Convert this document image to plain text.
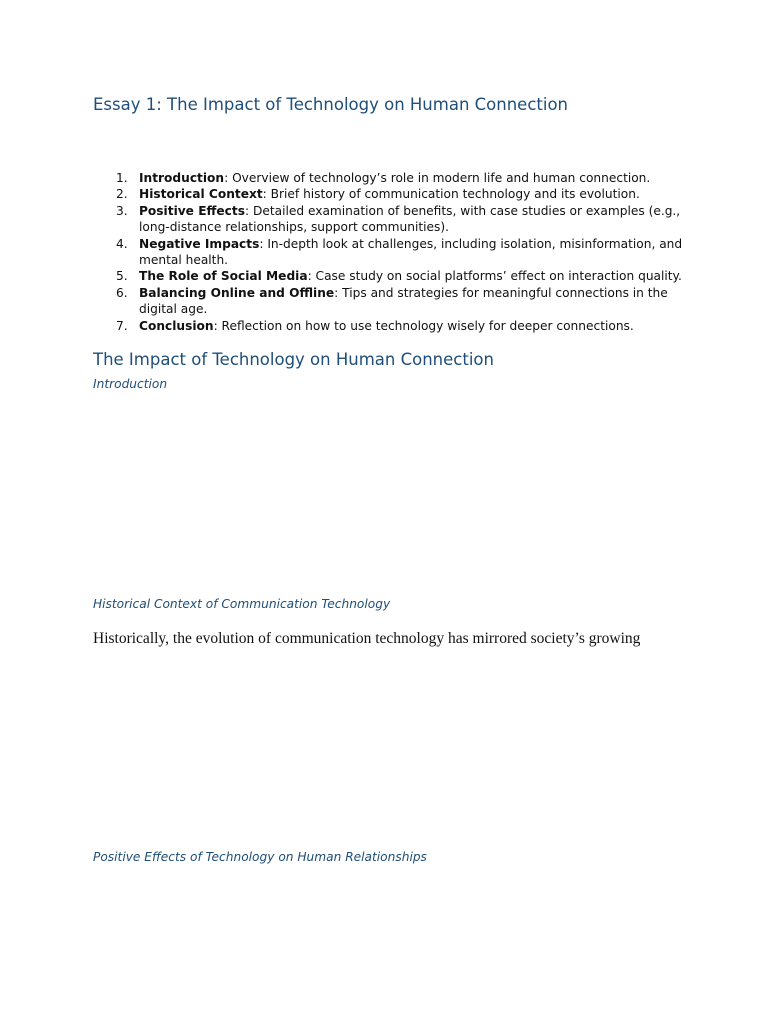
Essay 1: The Impact of Technology on Human Connection
1. Introduction: Overview of technology’s role in modern life and human connection.
2. Historical Context: Brief history of communication technology and its evolution.
3. Positive Effects: Detailed examination of benefits, with case studies or examples (e.g., long-distance relationships, support communities).
4. Negative Impacts: In-depth look at challenges, including isolation, misinformation, and mental health.
5. The Role of Social Media: Case study on social platforms’ effect on interaction quality.
6. Balancing Online and Offline: Tips and strategies for meaningful connections in the digital age.
7. Conclusion: Reflection on how to use technology wisely for deeper connections.
The Impact of Technology on Human Connection
Introduction
Historical Context of Communication Technology

Historically, the evolution of communication technology has mirrored society’s growing

Positive Effects of Technology on Human Relationships
